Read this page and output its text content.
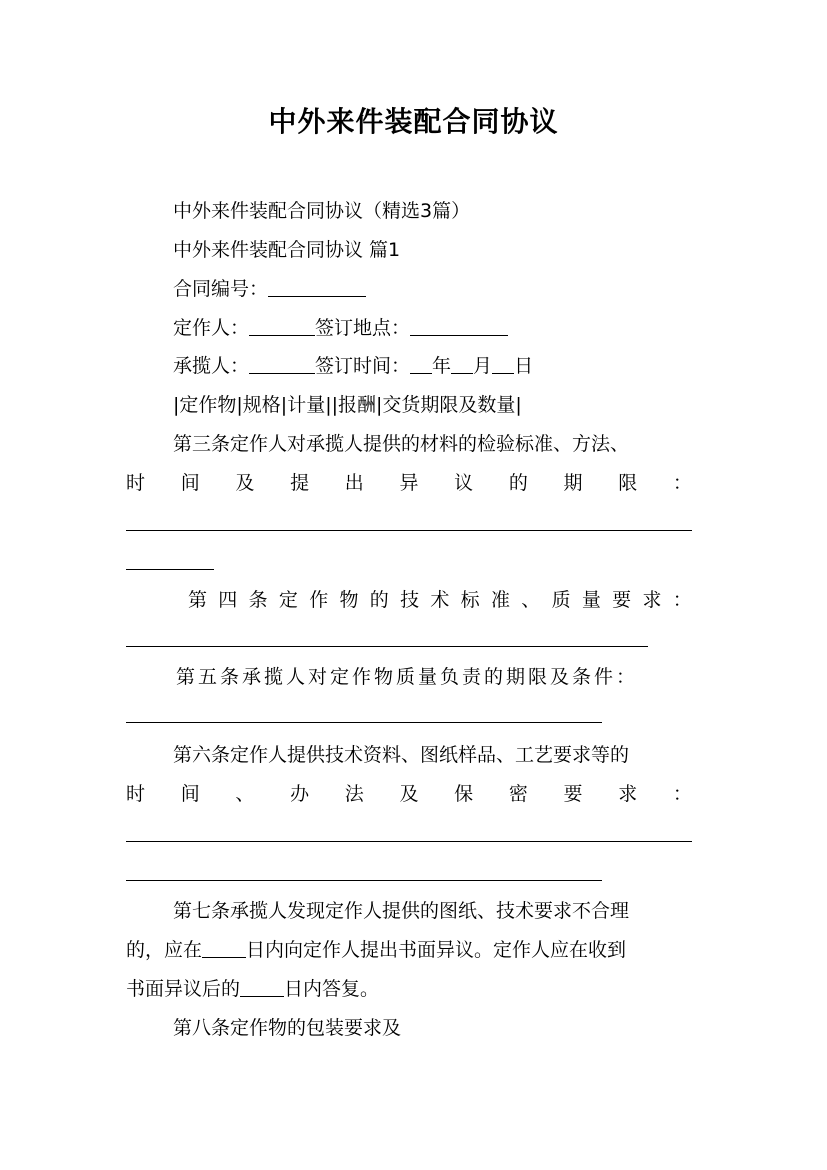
中外来件装配合同协议
中外来件装配合同协议（精选3篇）
中外来件装配合同协议 篇1
合同编号：
定作人：	签订地点：
承揽人：	签订时间： 年 月 日
|定作物|规格|计量||报酬|交货期限及数量|
第三条定作人对承揽人提供的材料的检验标准、方法、
时 间 及 提 出 异 议 的 期 限 ：
第 四 条 定 作 物 的 技 术 标 准 、 质 量 要 求 ：
第五条承揽人对定作物质量负责的期限及条件：
第六条定作人提供技术资料、图纸样品、工艺要求等的
时 间 、 办 法 及 保 密 要 求 ：
第七条承揽人发现定作人提供的图纸、技术要求不合理
的，应在 日内向定作人提出书面异议。定作人应在收到
书面异议后的 日内答复。
第八条定作物的包装要求及
